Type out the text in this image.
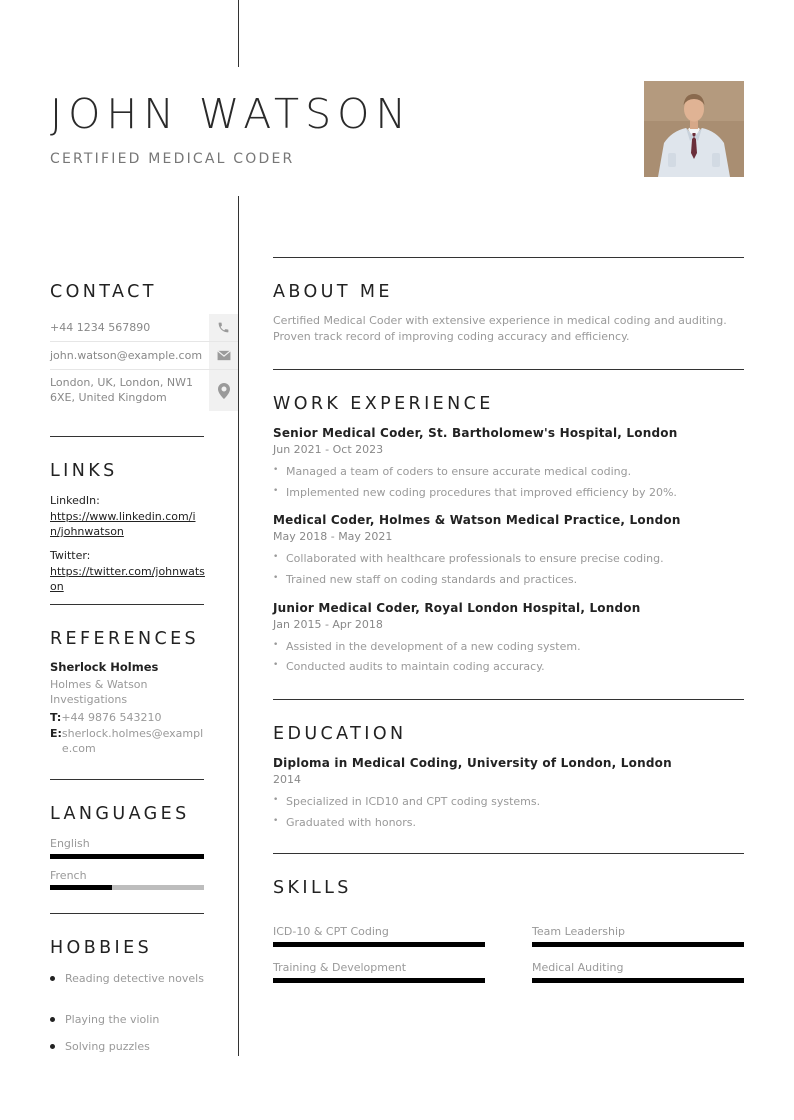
JOHN WATSON
CERTIFIED MEDICAL CODER
CONTACT
+44 1234 567890
john.watson@example.com
London, UK, London, NW1 6XE, United Kingdom
LINKS
LinkedIn:
https://www.linkedin.com/in/johnwatson
Twitter:
https://twitter.com/johnwatson
REFERENCES
Sherlock Holmes
Holmes & Watson Investigations
T:+44 9876 543210
E:sherlock.holmes@example.com
LANGUAGES
English
French
HOBBIES
Reading detective novels
Playing the violin
Solving puzzles
ABOUT ME
Certified Medical Coder with extensive experience in medical coding and auditing. Proven track record of improving coding accuracy and efficiency.
WORK EXPERIENCE
Senior Medical Coder, St. Bartholomew's Hospital, London
Jun 2021 - Oct 2023
• Managed a team of coders to ensure accurate medical coding.
• Implemented new coding procedures that improved efficiency by 20%.
Medical Coder, Holmes & Watson Medical Practice, London
May 2018 - May 2021
• Collaborated with healthcare professionals to ensure precise coding.
• Trained new staff on coding standards and practices.
Junior Medical Coder, Royal London Hospital, London
Jan 2015 - Apr 2018
• Assisted in the development of a new coding system.
• Conducted audits to maintain coding accuracy.
EDUCATION
Diploma in Medical Coding, University of London, London
2014
• Specialized in ICD10 and CPT coding systems.
• Graduated with honors.
SKILLS
ICD-10 & CPT Coding	Team Leadership
Training & Development	Medical Auditing
